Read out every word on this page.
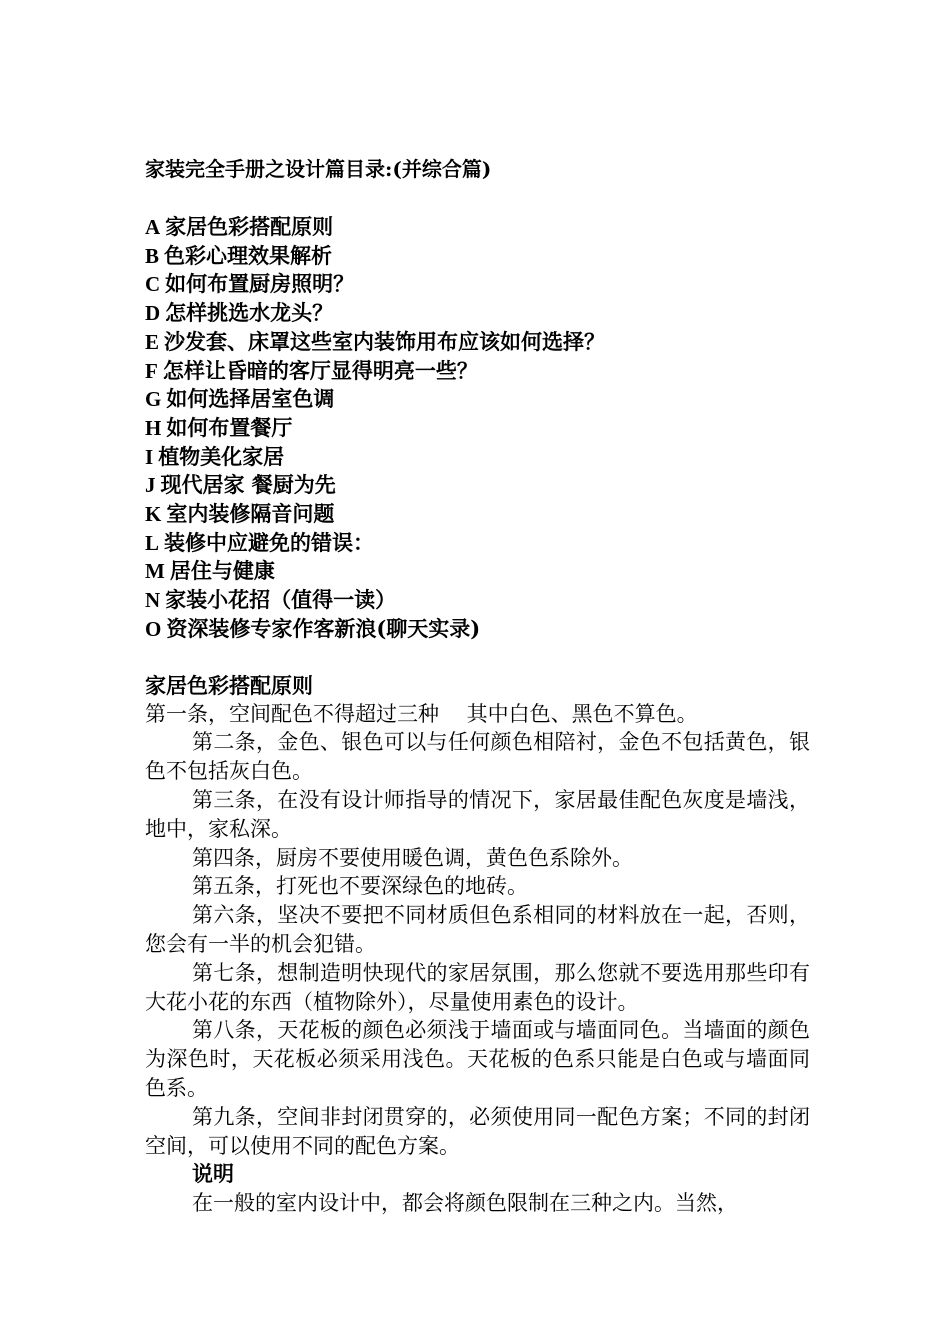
家装完全手册之设计篇目录:(并综合篇)

A 家居色彩搭配原则
B 色彩心理效果解析
C 如何布置厨房照明？
D 怎样挑选水龙头？
E 沙发套、床罩这些室内装饰用布应该如何选择？
F 怎样让昏暗的客厅显得明亮一些？
G 如何选择居室色调
H 如何布置餐厅
I 植物美化家居
J 现代居家 餐厨为先
K 室内装修隔音问题
L 装修中应避免的错误：
M 居住与健康
N 家装小花招（值得一读）
O 资深装修专家作客新浪(聊天实录)

家居色彩搭配原则

第一条，空间配色不得超过三种　 其中白色、黑色不算色。

第二条，金色、银色可以与任何颜色相陪衬，金色不包括黄色，银色不包括灰白色。

第三条，在没有设计师指导的情况下，家居最佳配色灰度是墙浅，地中，家私深。

第四条，厨房不要使用暖色调，黄色色系除外。

第五条，打死也不要深绿色的地砖。

第六条，坚决不要把不同材质但色系相同的材料放在一起，否则，您会有一半的机会犯错。

第七条，想制造明快现代的家居氛围，那么您就不要选用那些印有大花小花的东西（植物除外），尽量使用素色的设计。

第八条，天花板的颜色必须浅于墙面或与墙面同色。当墙面的颜色为深色时，天花板必须采用浅色。天花板的色系只能是白色或与墙面同色系。

第九条，空间非封闭贯穿的，必须使用同一配色方案；不同的封闭空间，可以使用不同的配色方案。

说明

在一般的室内设计中，都会将颜色限制在三种之内。当然，
